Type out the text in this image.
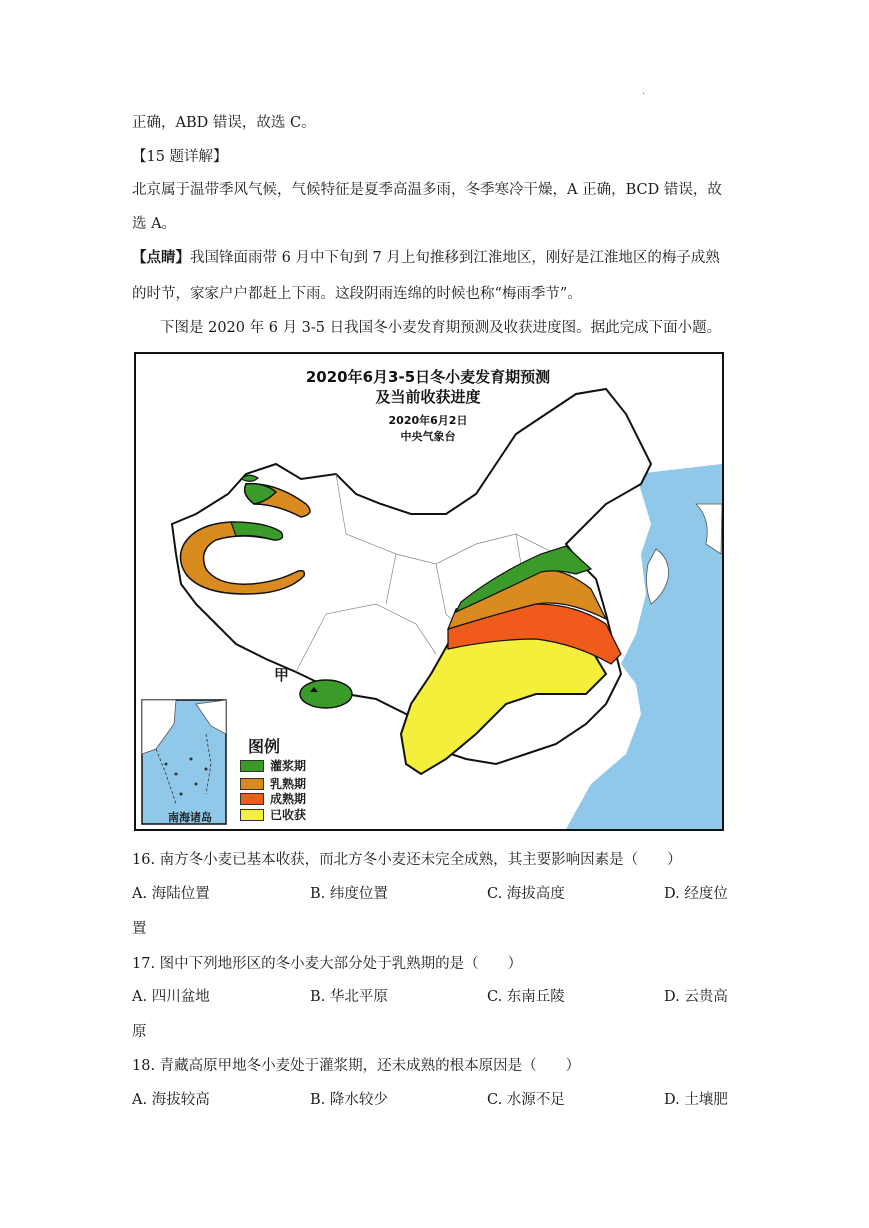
.
正确，ABD 错误，故选 C。
【15 题详解】
北京属于温带季风气候，气候特征是夏季高温多雨，冬季寒冷干燥，A 正确，BCD 错误，故
选 A。
【点睛】我国锋面雨带 6 月中下旬到 7 月上旬推移到江淮地区，刚好是江淮地区的梅子成熟
的时节，家家户户都赶上下雨。这段阴雨连绵的时候也称“梅雨季节”。
下图是 2020 年 6 月 3-5 日我国冬小麦发育期预测及收获进度图。据此完成下面小题。
2020年6月3-5日冬小麦发育期预测
及当前收获进度
2020年6月2日
中央气象台
甲
南海诸岛
图例
灌浆期
乳熟期
成熟期
已收获
16. 南方冬小麦已基本收获，而北方冬小麦还未完全成熟，其主要影响因素是（　　）
A. 海陆位置	B. 纬度位置	C. 海拔高度	D. 经度位
置
17. 图中下列地形区的冬小麦大部分处于乳熟期的是（　　）
A. 四川盆地	B. 华北平原	C. 东南丘陵	D. 云贵高
原
18. 青藏高原甲地冬小麦处于灌浆期，还未成熟的根本原因是（　　）
A. 海拔较高	B. 降水较少	C. 水源不足	D. 土壤肥
